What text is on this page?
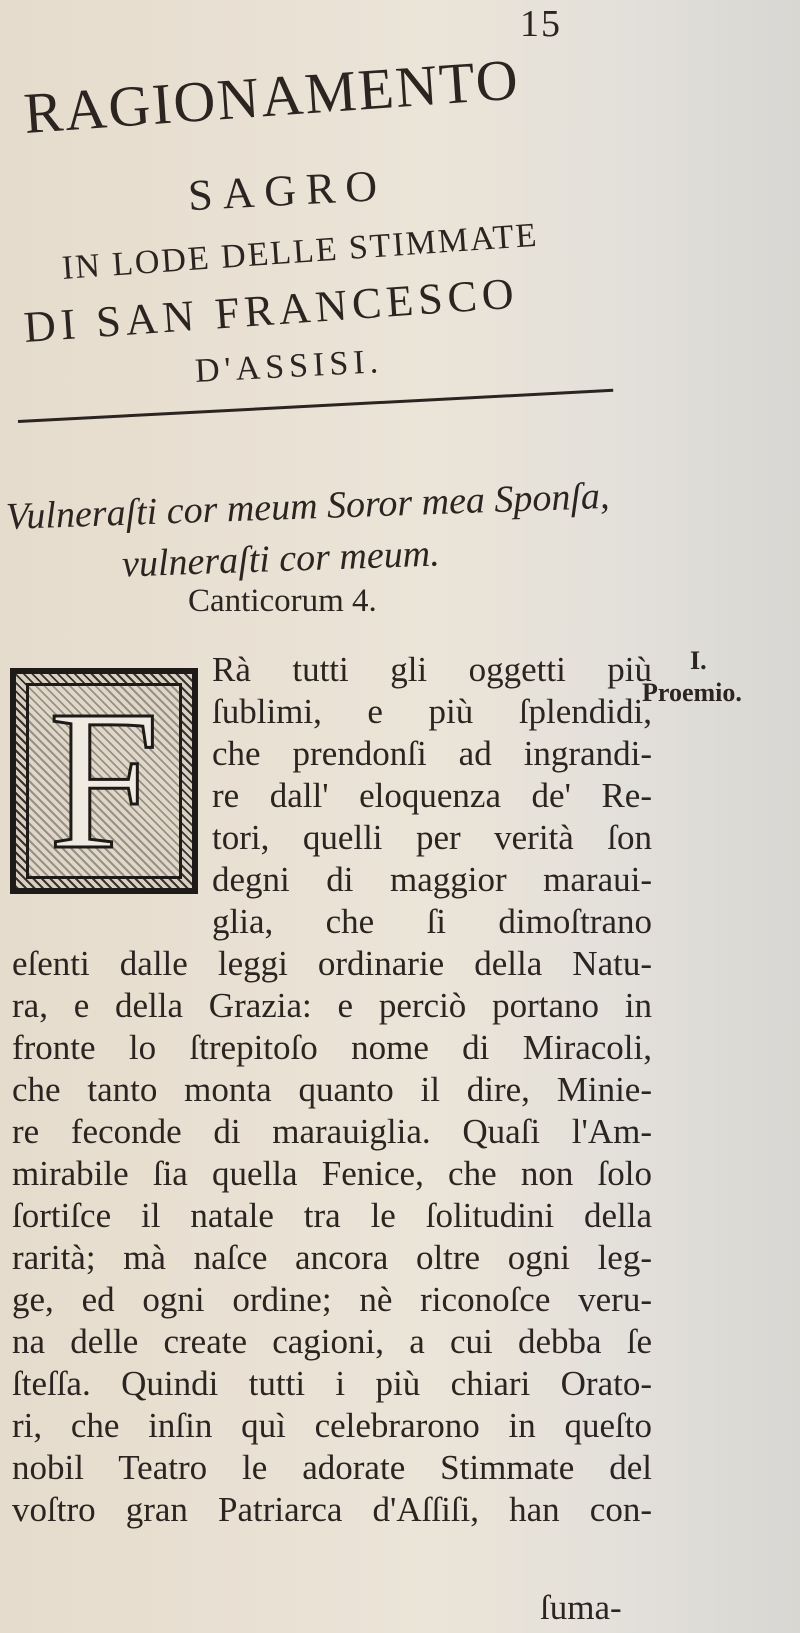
15
RAGIONAMENTO
SAGRO
IN LODE DELLE STIMMATE
DI SAN FRANCESCO
D'ASSISI.
Vulneraſti cor meum Soror mea Sponſa,
vulneraſti cor meum.
Canticorum 4.
I.
Proemio.
F
Rà tutti gli oggetti più
ſublimi, e più ſplendidi,
che prendonſi ad ingrandi-
re dall' eloquenza de' Re-
tori, quelli per verità ſon
degni di maggior marauі-
glia, che ſi dimoſtrano
eſenti dalle leggi ordinarie della Natu-
ra, e della Grazia: e perciò portano in
fronte lo ſtrepitoſo nome di Miracoli,
che tanto monta quanto il dire, Minie-
re feconde di marauiglia. Quaſi l'Am-
mirabile ſia quella Fenice, che non ſolo
ſortiſce il natale tra le ſolitudini della
rarità; mà naſce ancora oltre ogni leg-
ge, ed ogni ordine; nè riconoſce veru-
na delle create cagioni, a cui debba ſe
ſteſſa. Quindi tutti i più chiari Orato-
ri, che inſin quì celebrarono in queſto
nobil Teatro le adorate Stimmate del
voſtro gran Patriarca d'Aſſiſi, han con-
ſuma-
